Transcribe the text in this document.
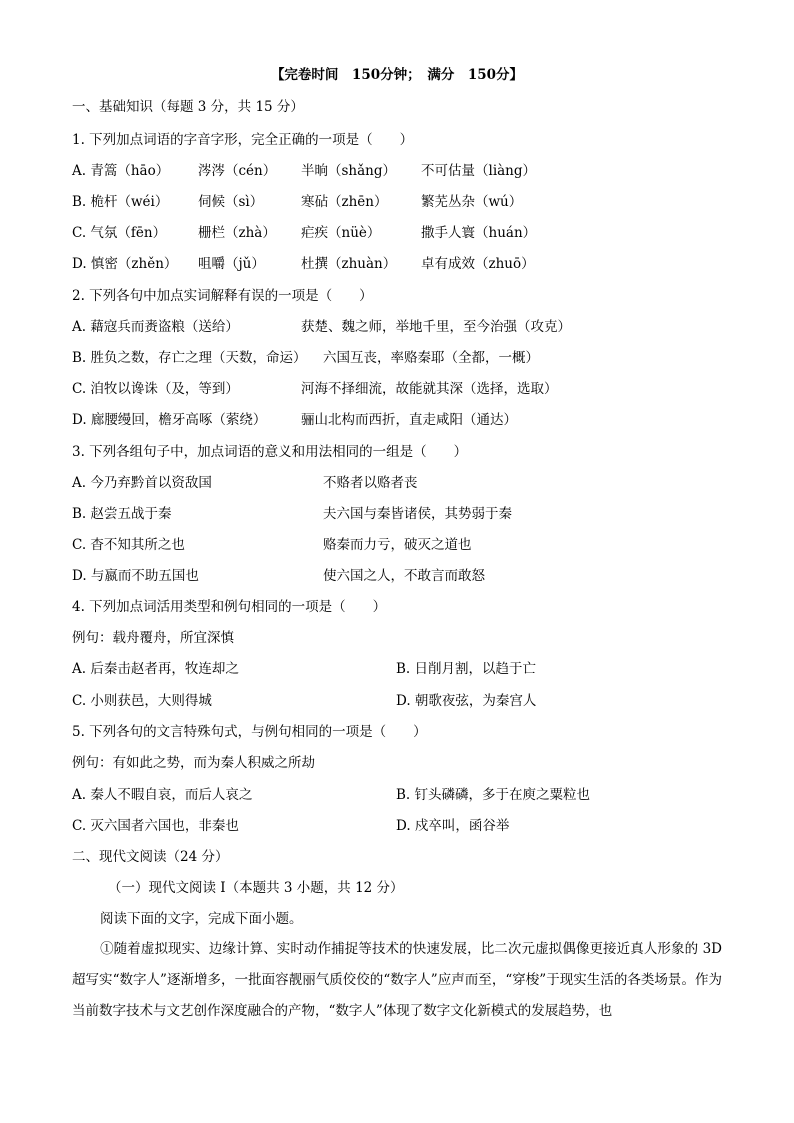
【完卷时间　150分钟；　满分　150分】
一、基础知识（每题 3 分，共 15 分）
1. 下列加点词语的字音字形，完全正确的一项是（　　）
A. 青篙（hāo） 涔涔（cén） 半晌（shǎng） 不可估量（liàng）
B. 桅杆（wéi） 伺候（sì）	寒砧（zhēn） 繁芜丛杂（wú）
C. 气氛（fēn） 栅栏（zhà） 疟疾（nüè）	撒手人寰（huán）
D. 慎密（zhěn） 咀嚼（jǔ）	杜撰（zhuàn） 卓有成效（zhuō）
2. 下列各句中加点实词解释有误的一项是（　　）
A. 藉寇兵而赉盗粮（送给）	获楚、魏之师，举地千里，至今治强（攻克）
B. 胜负之数，存亡之理（天数，命运） 六国互丧，率赂秦耶（全都，一概）
C. 洎牧以谗诛（及，等到）	河海不择细流，故能就其深（选择，选取）
D. 廊腰缦回，檐牙高啄（萦绕）	骊山北构而西折，直走咸阳（通达）
3. 下列各组句子中，加点词语的意义和用法相同的一组是（　　）
A. 今乃弃黔首以资敌国	不赂者以赂者丧
B. 赵尝五战于秦	夫六国与秦皆诸侯，其势弱于秦
C. 杳不知其所之也	赂秦而力亏，破灭之道也
D. 与嬴而不助五国也	使六国之人，不敢言而敢怒
4. 下列加点词活用类型和例句相同的一项是（　　）
例句：载舟覆舟，所宜深慎
A. 后秦击赵者再，牧连却之	B. 日削月割，以趋于亡
C. 小则获邑，大则得城	D. 朝歌夜弦，为秦宫人
5. 下列各句的文言特殊句式，与例句相同的一项是（　　）
例句：有如此之势，而为秦人积威之所劫
A. 秦人不暇自哀，而后人哀之	B. 钉头磷磷，多于在庾之粟粒也
C. 灭六国者六国也，非秦也	D. 戍卒叫，函谷举
二、现代文阅读（24 分）
（一）现代文阅读 I（本题共 3 小题，共 12 分）
阅读下面的文字，完成下面小题。
①随着虚拟现实、边缘计算、实时动作捕捉等技术的快速发展，比二次元虚拟偶像更接近真人形象的 3D 超写实“数字人”逐渐增多，一批面容靓丽气质佼佼的“数字人”应声而至，“穿梭”于现实生活的各类场景。作为当前数字技术与文艺创作深度融合的产物，“数字人”体现了数字文化新模式的发展趋势，也
